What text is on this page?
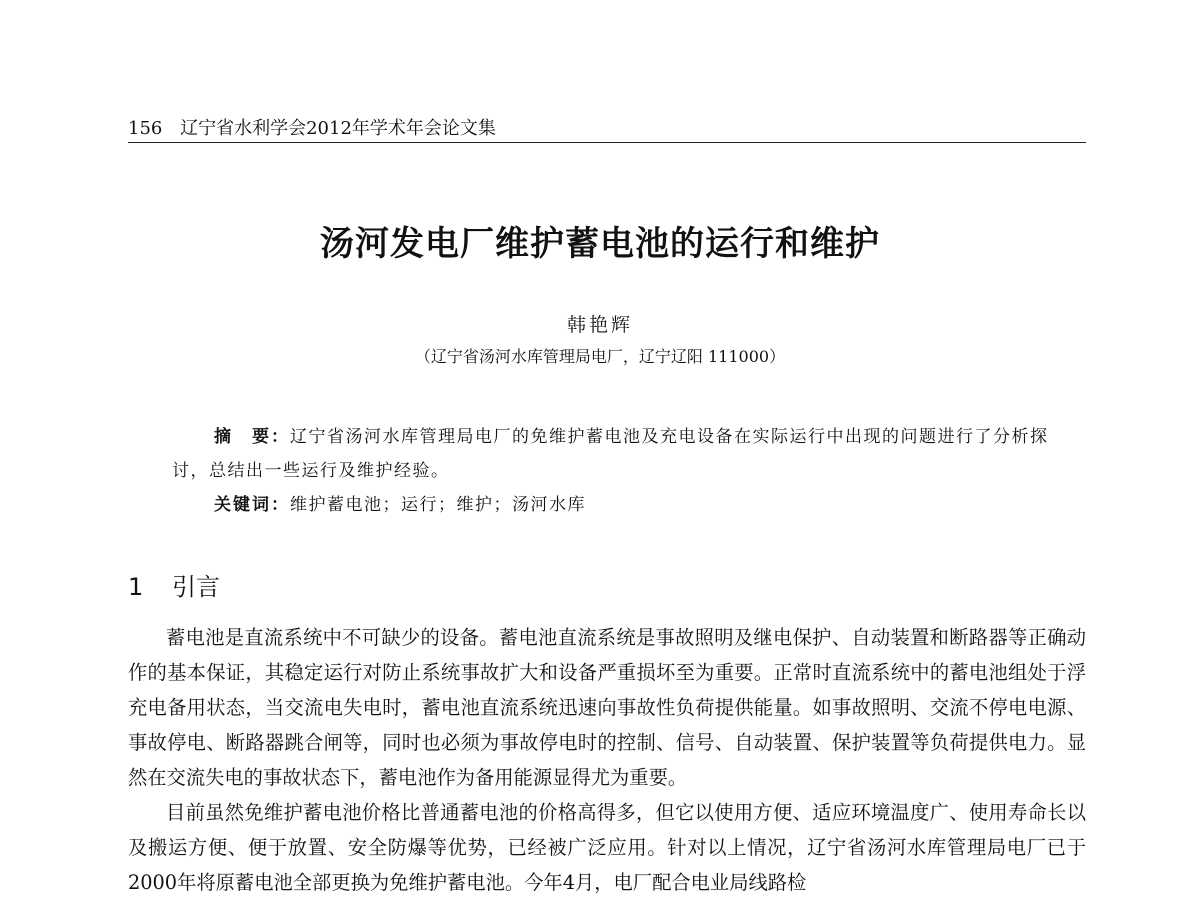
156 辽宁省水利学会2012年学术年会论文集
汤河发电厂维护蓄电池的运行和维护
韩艳辉
（辽宁省汤河水库管理局电厂，辽宁辽阳 111000）

摘　要：辽宁省汤河水库管理局电厂的免维护蓄电池及充电设备在实际运行中出现的问题进行了分析探讨，总结出一些运行及维护经验。

关键词：维护蓄电池；运行；维护；汤河水库

1 引言

蓄电池是直流系统中不可缺少的设备。蓄电池直流系统是事故照明及继电保护、自动装置和断路器等正确动作的基本保证，其稳定运行对防止系统事故扩大和设备严重损坏至为重要。正常时直流系统中的蓄电池组处于浮充电备用状态，当交流电失电时，蓄电池直流系统迅速向事故性负荷提供能量。如事故照明、交流不停电电源、事故停电、断路器跳合闸等，同时也必须为事故停电时的控制、信号、自动装置、保护装置等负荷提供电力。显然在交流失电的事故状态下，蓄电池作为备用能源显得尤为重要。

目前虽然免维护蓄电池价格比普通蓄电池的价格高得多，但它以使用方便、适应环境温度广、使用寿命长以及搬运方便、便于放置、安全防爆等优势，已经被广泛应用。针对以上情况，辽宁省汤河水库管理局电厂已于2000年将原蓄电池全部更换为免维护蓄电池。今年4月，电厂配合电业局线路检
